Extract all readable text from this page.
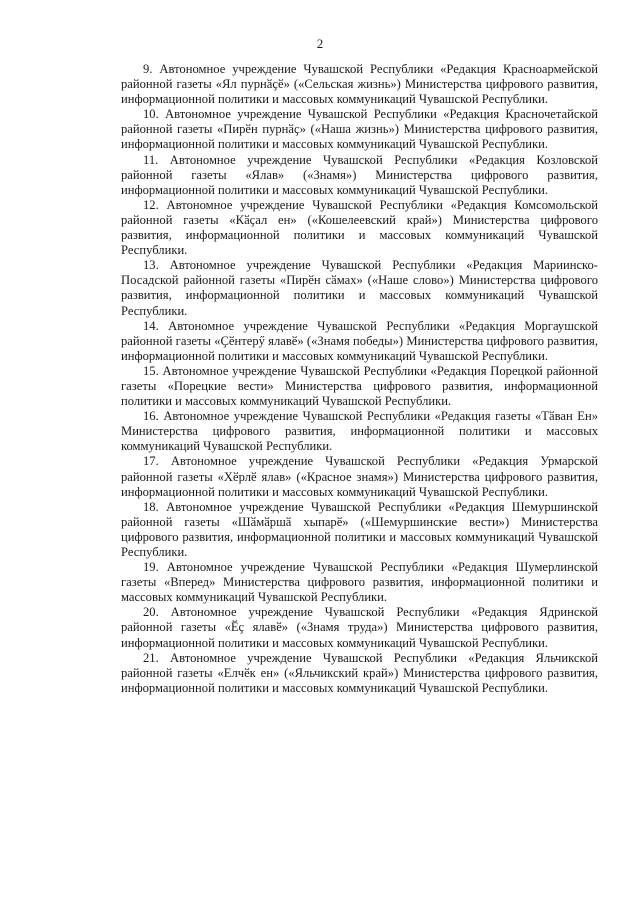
2

9. Автономное учреждение Чувашской Республики «Редакция Красноармейской районной газеты «Ял пурнӑҫӗ» («Сельская жизнь») Министерства цифрового развития, информационной политики и массовых коммуникаций Чувашской Республики.

10. Автономное учреждение Чувашской Республики «Редакция Красночетайской районной газеты «Пирӗн пурнӑҫ» («Наша жизнь») Министерства цифрового развития, информационной политики и массовых коммуникаций Чувашской Республики.

11. Автономное учреждение Чувашской Республики «Редакция Козловской районной газеты «Ялав» («Знамя») Министерства цифрового развития, информационной политики и массовых коммуникаций Чувашской Республики.

12. Автономное учреждение Чувашской Республики «Редакция Комсомольской районной газеты «Кӑҫал ен» («Кошелеевский край») Министерства цифрового развития, информационной политики и массовых коммуникаций Чувашской Республики.

13. Автономное учреждение Чувашской Республики «Редакция Мариинско-Посадской районной газеты «Пирӗн сӑмах» («Наше слово») Министерства цифрового развития, информационной политики и массовых коммуникаций Чувашской Республики.

14. Автономное учреждение Чувашской Республики «Редакция Моргаушской районной газеты «Ҫӗнтерӳ ялавӗ» («Знамя победы») Министерства цифрового развития, информационной политики и массовых коммуникаций Чувашской Республики.

15. Автономное учреждение Чувашской Республики «Редакция Порецкой районной газеты «Порецкие вести» Министерства цифрового развития, информационной политики и массовых коммуникаций Чувашской Республики.

16. Автономное учреждение Чувашской Республики «Редакция газеты «Тӑван Ен» Министерства цифрового развития, информационной политики и массовых коммуникаций Чувашской Республики.

17. Автономное учреждение Чувашской Республики «Редакция Урмарской районной газеты «Хӗрлӗ ялав» («Красное знамя») Министерства цифрового развития, информационной политики и массовых коммуникаций Чувашской Республики.

18. Автономное учреждение Чувашской Республики «Редакция Шемуршинской районной газеты «Шӑмӑршӑ хыпарӗ» («Шемуршинские вести») Министерства цифрового развития, информационной политики и массовых коммуникаций Чувашской Республики.

19. Автономное учреждение Чувашской Республики «Редакция Шумерлинской газеты «Вперед» Министерства цифрового развития, информационной политики и массовых коммуникаций Чувашской Республики.

20. Автономное учреждение Чувашской Республики «Редакция Ядринской районной газеты «Ӗҫ ялавӗ» («Знамя труда») Министерства цифрового развития, информационной политики и массовых коммуникаций Чувашской Республики.

21. Автономное учреждение Чувашской Республики «Редакция Яльчикской районной газеты «Елчӗк ен» («Яльчикский край») Министерства цифрового развития, информационной политики и массовых коммуникаций Чувашской Республики.
